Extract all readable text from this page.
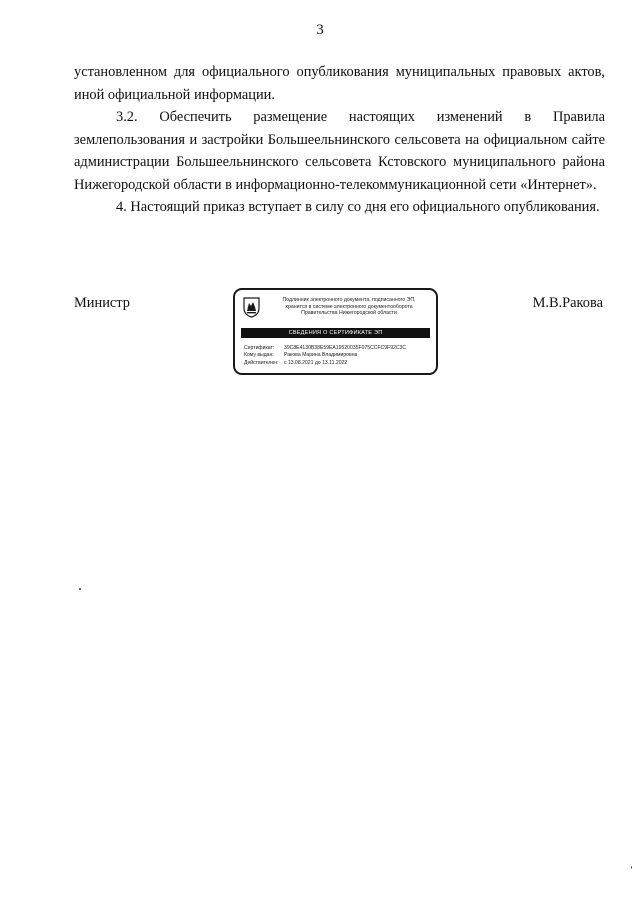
3

установленном для официального опубликования муниципальных правовых актов, иной официальной информации.

3.2. Обеспечить размещение настоящих изменений в Правила землепользования и застройки Большеельнинского сельсовета на официальном сайте администрации Большеельнинского сельсовета Кстовского муниципального района Нижегородской области в информационно-телекоммуникационной сети «Интернет».

4. Настоящий приказ вступает в силу со дня его официального опубликования.

Министр	М.В.Ракова
Подлинник электронного документа, подписанного ЭП,
хранится в системе электронного документооборота
Правительства Нижегородской области
СВЕДЕНИЯ О СЕРТИФИКАТЕ ЭП
Сертификат: 39C8E4130B38E59EA19520035F075CCFC9F92C3C
Кому выдан: Ракова Марина Владимировна
Действителен: с 13.08.2021 до 13.11.2022
